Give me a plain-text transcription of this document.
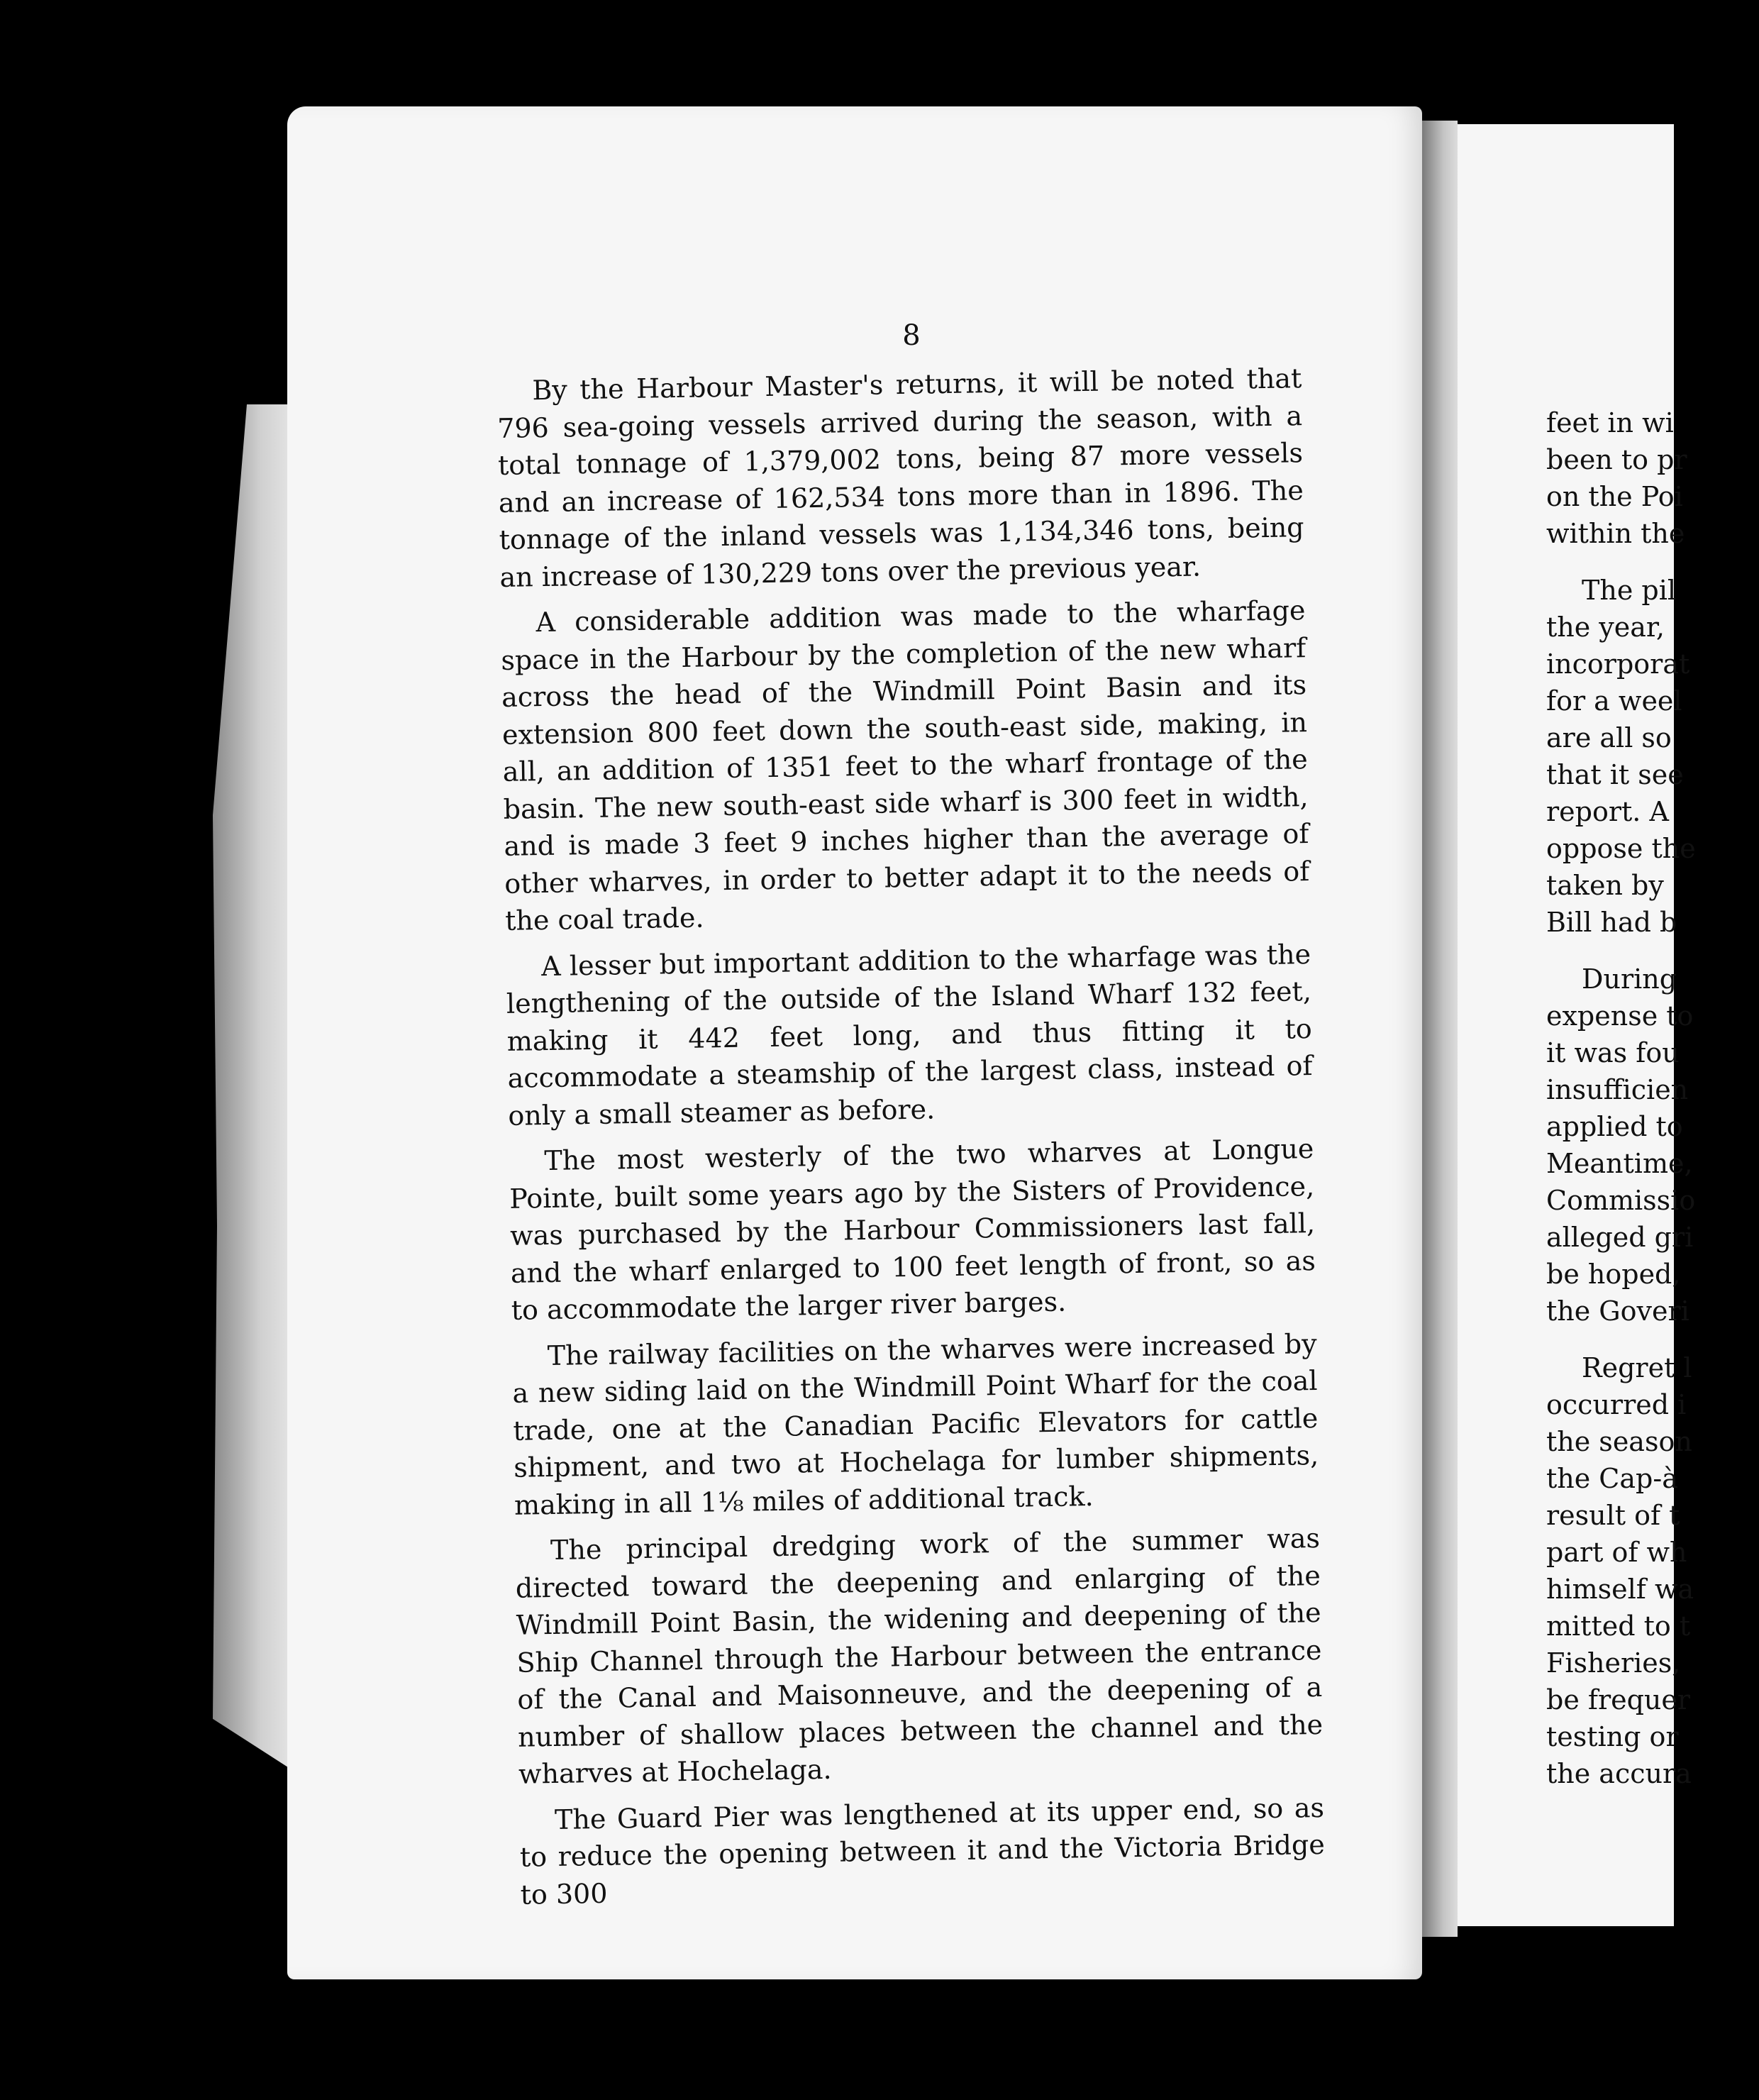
8

By the Harbour Master's returns, it will be noted that 796 sea-going vessels arrived during the season, with a total tonnage of 1,379,002 tons, being 87 more vessels and an increase of 162,534 tons more than in 1896. The tonnage of the inland vessels was 1,134,346 tons, being an increase of 130,229 tons over the previous year.

A considerable addition was made to the wharfage space in the Harbour by the completion of the new wharf across the head of the Windmill Point Basin and its extension 800 feet down the south-east side, making, in all, an addition of 1351 feet to the wharf frontage of the basin. The new south-east side wharf is 300 feet in width, and is made 3 feet 9 inches higher than the average of other wharves, in order to better adapt it to the needs of the coal trade.

A lesser but important addition to the wharfage was the lengthening of the outside of the Island Wharf 132 feet, making it 442 feet long, and thus fitting it to accommodate a steamship of the largest class, instead of only a small steamer as before.

The most westerly of the two wharves at Longue Pointe, built some years ago by the Sisters of Providence, was purchased by the Harbour Commissioners last fall, and the wharf enlarged to 100 feet length of front, so as to accommodate the larger river barges.

The railway facilities on the wharves were increased by a new siding laid on the Windmill Point Wharf for the coal trade, one at the Canadian Pacific Elevators for cattle shipment, and two at Hochelaga for lumber shipments, making in all 1⅛ miles of additional track.

The principal dredging work of the summer was directed toward the deepening and enlarging of the Windmill Point Basin, the widening and deepening of the Ship Channel through the Harbour between the entrance of the Canal and Maisonneuve, and the deepening of a number of shallow places between the channel and the wharves at Hochelaga.

The Guard Pier was lengthened at its upper end, so as to reduce the opening between it and the Victoria Bridge to 300

feet in wi
been to pr
on the Poi
within the
The pil
the year,
incorporat
for a weel
are all so
that it see
report. A
oppose the
taken by
Bill had b
During
expense to
it was fou
insufficien
applied to
Meantime,
Commissio
alleged gri
be hoped,
the Goveri
Regret l
occurred i
the season
the Cap-à
result of t
part of wh
himself wa
mitted to t
Fisheries,
be frequer
testing or
the accura
